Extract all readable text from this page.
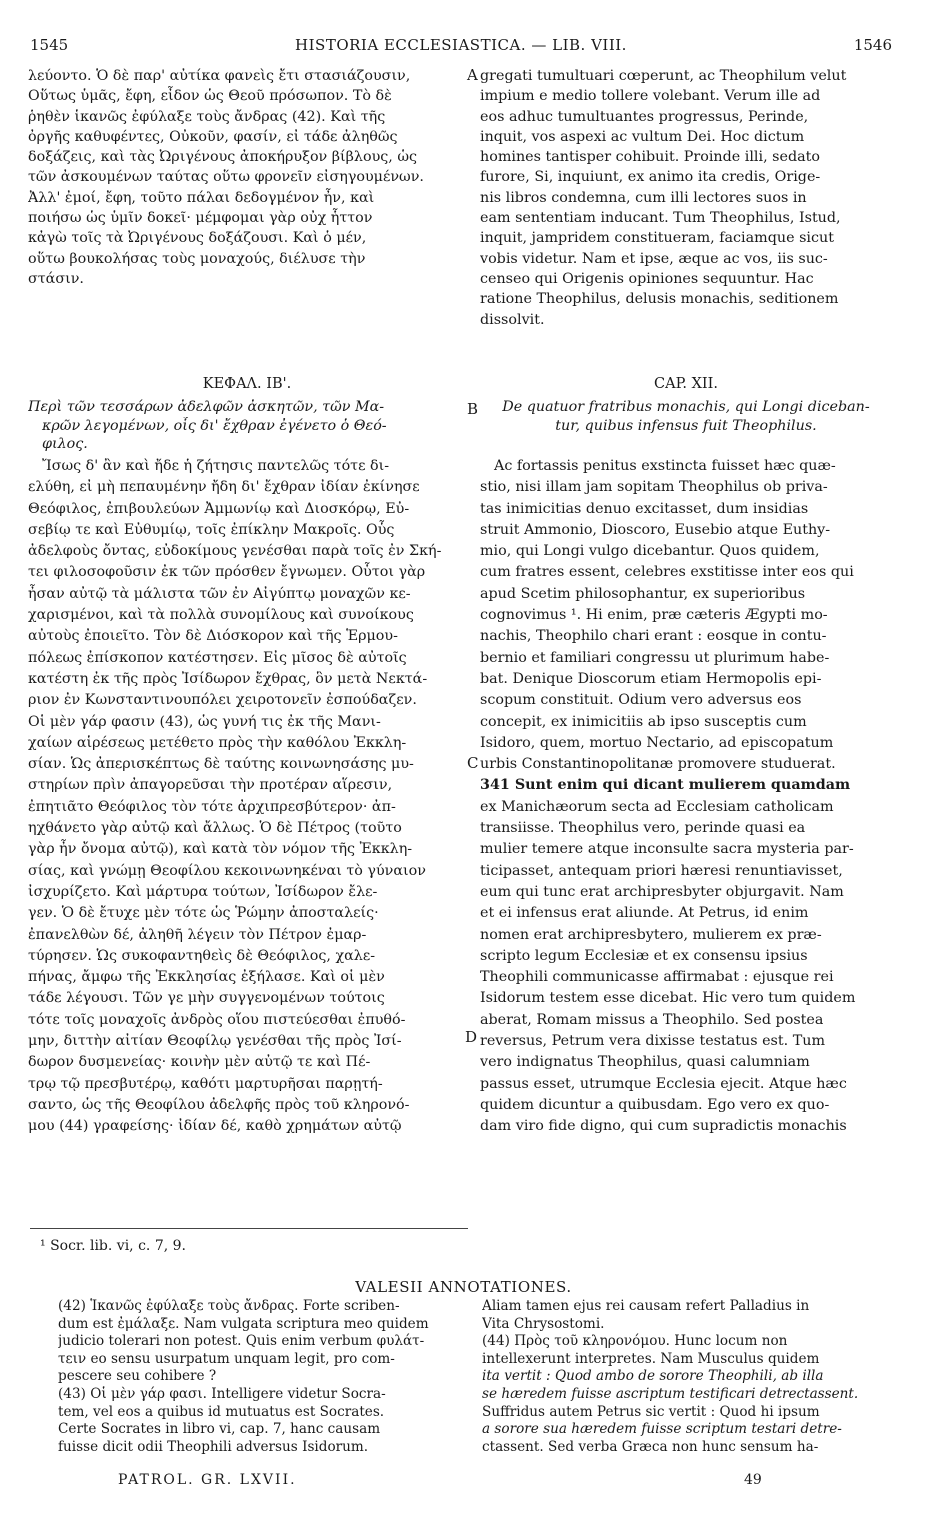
1545	HISTORIA ECCLESIASTICA. — LIB. VIII.	1546
λεύοντο. Ὁ δὲ παρ' αὐτίκα φανεὶς ἔτι στασιάζουσιν,
Οὕτως ὑμᾶς, ἔφη, εἶδον ὡς Θεοῦ πρόσωπον. Τὸ δὲ
ῥηθὲν ἱκανῶς ἐφύλαξε τοὺς ἄνδρας (42). Καὶ τῆς
ὀργῆς καθυφέντες, Οὐκοῦν, φασίν, εἰ τάδε ἀληθῶς
δοξάζεις, καὶ τὰς Ὠριγένους ἀποκήρυξον βίβλους, ὡς
τῶν ἀσκουμένων ταύτας οὕτω φρονεῖν εἰσηγουμένων.
Ἀλλ' ἐμοί, ἔφη, τοῦτο πάλαι δεδογμένον ἦν, καὶ
ποιήσω ὡς ὑμῖν δοκεῖ· μέμφομαι γὰρ οὐχ ἧττον
κἀγὼ τοῖς τὰ Ὠριγένους δοξάζουσι. Καὶ ὁ μέν,
οὕτω βουκολήσας τοὺς μοναχούς, διέλυσε τὴν
στάσιν.
gregati tumultuari cœperunt, ac Theophilum velut
impium e medio tollere volebant. Verum ille ad
eos adhuc tumultuantes progressus, Perinde,
inquit, vos aspexi ac vultum Dei. Hoc dictum
homines tantisper cohibuit. Proinde illi, sedato
furore, Si, inquiunt, ex animo ita credis, Orige-
nis libros condemna, cum illi lectores suos in
eam sententiam inducant. Tum Theophilus, Istud,
inquit, jampridem constitueram, faciamque sicut
vobis videtur. Nam et ipse, æque ac vos, iis suc-
censeo qui Origenis opiniones sequuntur. Hac
ratione Theophilus, delusis monachis, seditionem
dissolvit.
A
B
C
D
ΚΕΦΑΛ. ΙΒ'.	CAP. XII.
Περὶ τῶν τεσσάρων ἀδελφῶν ἀσκητῶν, τῶν Μα-
κρῶν λεγομένων, οἷς δι' ἔχθραν ἐγένετο ὁ Θεό-
φιλος.
De quatuor fratribus monachis, qui Longi diceban-
tur, quibus infensus fuit Theophilus.
Ἴσως δ' ἂν καὶ ἤδε ἡ ζήτησις παντελῶς τότε δι-
ελύθη, εἰ μὴ πεπαυμένην ἤδη δι' ἔχθραν ἰδίαν ἐκίνησε
Θεόφιλος, ἐπιβουλεύων Ἀμμωνίῳ καὶ Διοσκόρῳ, Εὐ-
σεβίῳ τε καὶ Εὐθυμίῳ, τοῖς ἐπίκλην Μακροῖς. Οὗς
ἀδελφοὺς ὄντας, εὐδοκίμους γενέσθαι παρὰ τοῖς ἐν Σκή-
τει φιλοσοφοῦσιν ἐκ τῶν πρόσθεν ἔγνωμεν. Οὗτοι γὰρ
ἦσαν αὐτῷ τὰ μάλιστα τῶν ἐν Αἰγύπτῳ μοναχῶν κε-
χαρισμένοι, καὶ τὰ πολλὰ συνομίλους καὶ συνοίκους
αὐτοὺς ἐποιεῖτο. Τὸν δὲ Διόσκορον καὶ τῆς Ἑρμου-
πόλεως ἐπίσκοπον κατέστησεν. Εἰς μῖσος δὲ αὐτοῖς
κατέστη ἐκ τῆς πρὸς Ἰσίδωρον ἔχθρας, ὃν μετὰ Νεκτά-
ριον ἐν Κωνσταντινουπόλει χειροτονεῖν ἐσπούδαζεν.
Οἱ μὲν γάρ φασιν (43), ὡς γυνή τις ἐκ τῆς Μανι-
χαίων αἱρέσεως μετέθετο πρὸς τὴν καθόλου Ἐκκλη-
σίαν. Ὡς ἀπερισκέπτως δὲ ταύτης κοινωνησάσης μυ-
στηρίων πρὶν ἀπαγορεῦσαι τὴν προτέραν αἵρεσιν,
ἐπητιᾶτο Θεόφιλος τὸν τότε ἀρχιπρεσβύτερον· ἀπ-
ηχθάνετο γὰρ αὐτῷ καὶ ἄλλως. Ὁ δὲ Πέτρος (τοῦτο
γὰρ ἦν ὄνομα αὐτῷ), καὶ κατὰ τὸν νόμον τῆς Ἐκκλη-
σίας, καὶ γνώμῃ Θεοφίλου κεκοινωνηκέναι τὸ γύναιον
ἰσχυρίζετο. Καὶ μάρτυρα τούτων, Ἰσίδωρον ἔλε-
γεν. Ὁ δὲ ἔτυχε μὲν τότε ὡς Ῥώμην ἀποσταλείς·
ἐπανελθὼν δέ, ἀληθῆ λέγειν τὸν Πέτρον ἐμαρ-
τύρησεν. Ὡς συκοφαντηθεὶς δὲ Θεόφιλος, χαλε-
πήνας, ἄμφω τῆς Ἐκκλησίας ἐξήλασε. Καὶ οἱ μὲν
τάδε λέγουσι. Τῶν γε μὴν συγγενομένων τούτοις
τότε τοῖς μοναχοῖς ἀνδρὸς οἵου πιστεύεσθαι ἐπυθό-
μην, διττὴν αἰτίαν Θεοφίλῳ γενέσθαι τῆς πρὸς Ἰσί-
δωρον δυσμενείας· κοινὴν μὲν αὐτῷ τε καὶ Πέ-
τρῳ τῷ πρεσβυτέρῳ, καθότι μαρτυρῆσαι παρῃτή-
σαντο, ὡς τῆς Θεοφίλου ἀδελφῆς πρὸς τοῦ κληρονό-
μου (44) γραφείσης· ἰδίαν δέ, καθὸ χρημάτων αὐτῷ
Ac fortassis penitus exstincta fuisset hæc quæ-
stio, nisi illam jam sopitam Theophilus ob priva-
tas inimicitias denuo excitasset, dum insidias
struit Ammonio, Dioscoro, Eusebio atque Euthy-
mio, qui Longi vulgo dicebantur. Quos quidem,
cum fratres essent, celebres exstitisse inter eos qui
apud Scetim philosophantur, ex superioribus
cognovimus ¹. Hi enim, præ cæteris Ægypti mo-
nachis, Theophilo chari erant : eosque in contu-
bernio et familiari congressu ut plurimum habe-
bat. Denique Dioscorum etiam Hermopolis epi-
scopum constituit. Odium vero adversus eos
concepit, ex inimicitiis ab ipso susceptis cum
Isidoro, quem, mortuo Nectario, ad episcopatum
urbis Constantinopolitanæ promovere studuerat.
341 Sunt enim qui dicant mulierem quamdam
ex Manichæorum secta ad Ecclesiam catholicam
transiisse. Theophilus vero, perinde quasi ea
mulier temere atque inconsulte sacra mysteria par-
ticipasset, antequam priori hæresi renuntiavisset,
eum qui tunc erat archipresbyter objurgavit. Nam
et ei infensus erat aliunde. At Petrus, id enim
nomen erat archipresbytero, mulierem ex præ-
scripto legum Ecclesiæ et ex consensu ipsius
Theophili communicasse affirmabat : ejusque rei
Isidorum testem esse dicebat. Hic vero tum quidem
aberat, Romam missus a Theophilo. Sed postea
reversus, Petrum vera dixisse testatus est. Tum
vero indignatus Theophilus, quasi calumniam
passus esset, utrumque Ecclesia ejecit. Atque hæc
quidem dicuntur a quibusdam. Ego vero ex quo-
dam viro fide digno, qui cum supradictis monachis
¹ Socr. lib. vi, c. 7, 9.
VALESII ANNOTATIONES.
(42) Ἱκανῶς ἐφύλαξε τοὺς ἄνδρας. Forte scriben-
dum est ἐμάλαξε. Nam vulgata scriptura meo quidem
judicio tolerari non potest. Quis enim verbum φυλάτ-
τειν eo sensu usurpatum unquam legit, pro com-
pescere seu cohibere ?
(43) Οἱ μὲν γάρ φασι. Intelligere videtur Socra-
tem, vel eos a quibus id mutuatus est Socrates.
Certe Socrates in libro vi, cap. 7, hanc causam
fuisse dicit odii Theophili adversus Isidorum.
Aliam tamen ejus rei causam refert Palladius in
Vita Chrysostomi.
(44) Πρὸς τοῦ κληρονόμου. Hunc locum non
intellexerunt interpretes. Nam Musculus quidem
ita vertit : Quod ambo de sorore Theophili, ab illa
se hæredem fuisse ascriptum testificari detrectassent.
Suffridus autem Petrus sic vertit : Quod hi ipsum
a sorore sua hæredem fuisse scriptum testari detre-
ctassent. Sed verba Græca non hunc sensum ha-
PATROL. GR. LXVII.	49
